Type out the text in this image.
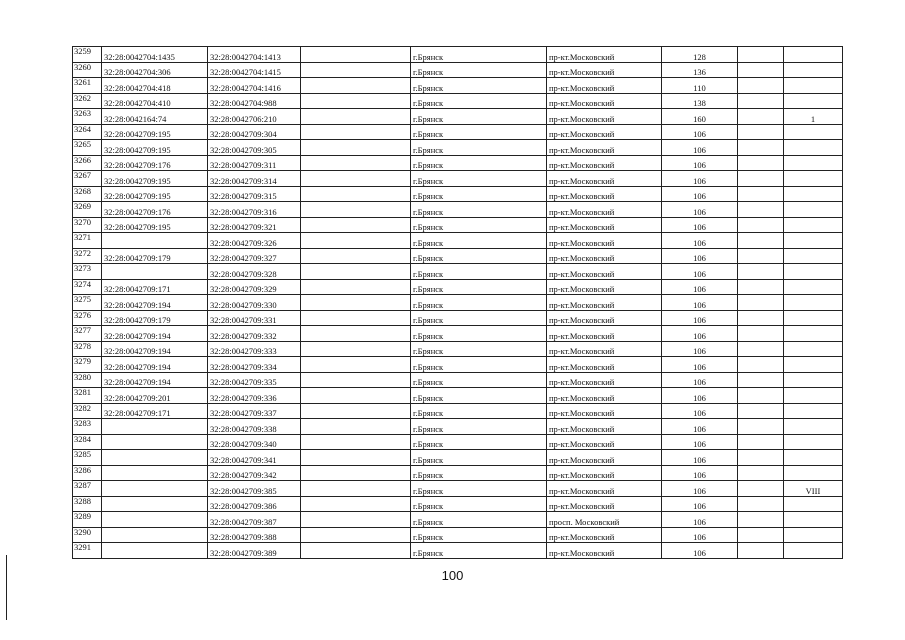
3259	32:28:0042704:1435	32:28:0042704:1413		г.Брянск	пр-кт.Московский	128		
3260	32:28:0042704:306	32:28:0042704:1415		г.Брянск	пр-кт.Московский	136		
3261	32:28:0042704:418	32:28:0042704:1416		г.Брянск	пр-кт.Московский	110		
3262	32:28:0042704:410	32:28:0042704:988		г.Брянск	пр-кт.Московский	138		
3263	32:28:0042164:74	32:28:0042706:210		г.Брянск	пр-кт.Московский	160		1
3264	32:28:0042709:195	32:28:0042709:304		г.Брянск	пр-кт.Московский	106		
3265	32:28:0042709:195	32:28:0042709:305		г.Брянск	пр-кт.Московский	106		
3266	32:28:0042709:176	32:28:0042709:311		г.Брянск	пр-кт.Московский	106		
3267	32:28:0042709:195	32:28:0042709:314		г.Брянск	пр-кт.Московский	106		
3268	32:28:0042709:195	32:28:0042709:315		г.Брянск	пр-кт.Московский	106		
3269	32:28:0042709:176	32:28:0042709:316		г.Брянск	пр-кт.Московский	106		
3270	32:28:0042709:195	32:28:0042709:321		г.Брянск	пр-кт.Московский	106		
3271		32:28:0042709:326		г.Брянск	пр-кт.Московский	106		
3272	32:28:0042709:179	32:28:0042709:327		г.Брянск	пр-кт.Московский	106		
3273		32:28:0042709:328		г.Брянск	пр-кт.Московский	106		
3274	32:28:0042709:171	32:28:0042709:329		г.Брянск	пр-кт.Московский	106		
3275	32:28:0042709:194	32:28:0042709:330		г.Брянск	пр-кт.Московский	106		
3276	32:28:0042709:179	32:28:0042709:331		г.Брянск	пр-кт.Московский	106		
3277	32:28:0042709:194	32:28:0042709:332		г.Брянск	пр-кт.Московский	106		
3278	32:28:0042709:194	32:28:0042709:333		г.Брянск	пр-кт.Московский	106		
3279	32:28:0042709:194	32:28:0042709:334		г.Брянск	пр-кт.Московский	106		
3280	32:28:0042709:194	32:28:0042709:335		г.Брянск	пр-кт.Московский	106		
3281	32:28:0042709:201	32:28:0042709:336		г.Брянск	пр-кт.Московский	106		
3282	32:28:0042709:171	32:28:0042709:337		г.Брянск	пр-кт.Московский	106		
3283		32:28:0042709:338		г.Брянск	пр-кт.Московский	106		
3284		32:28:0042709:340		г.Брянск	пр-кт.Московский	106		
3285		32:28:0042709:341		г.Брянск	пр-кт.Московский	106		
3286		32:28:0042709:342		г.Брянск	пр-кт.Московский	106		
3287		32:28:0042709:385		г.Брянск	пр-кт.Московский	106		VIII
3288		32:28:0042709:386		г.Брянск	пр-кт.Московский	106		
3289		32:28:0042709:387		г.Брянск	просп. Московский	106		
3290		32:28:0042709:388		г.Брянск	пр-кт.Московский	106		
3291		32:28:0042709:389		г.Брянск	пр-кт.Московский	106		
100
